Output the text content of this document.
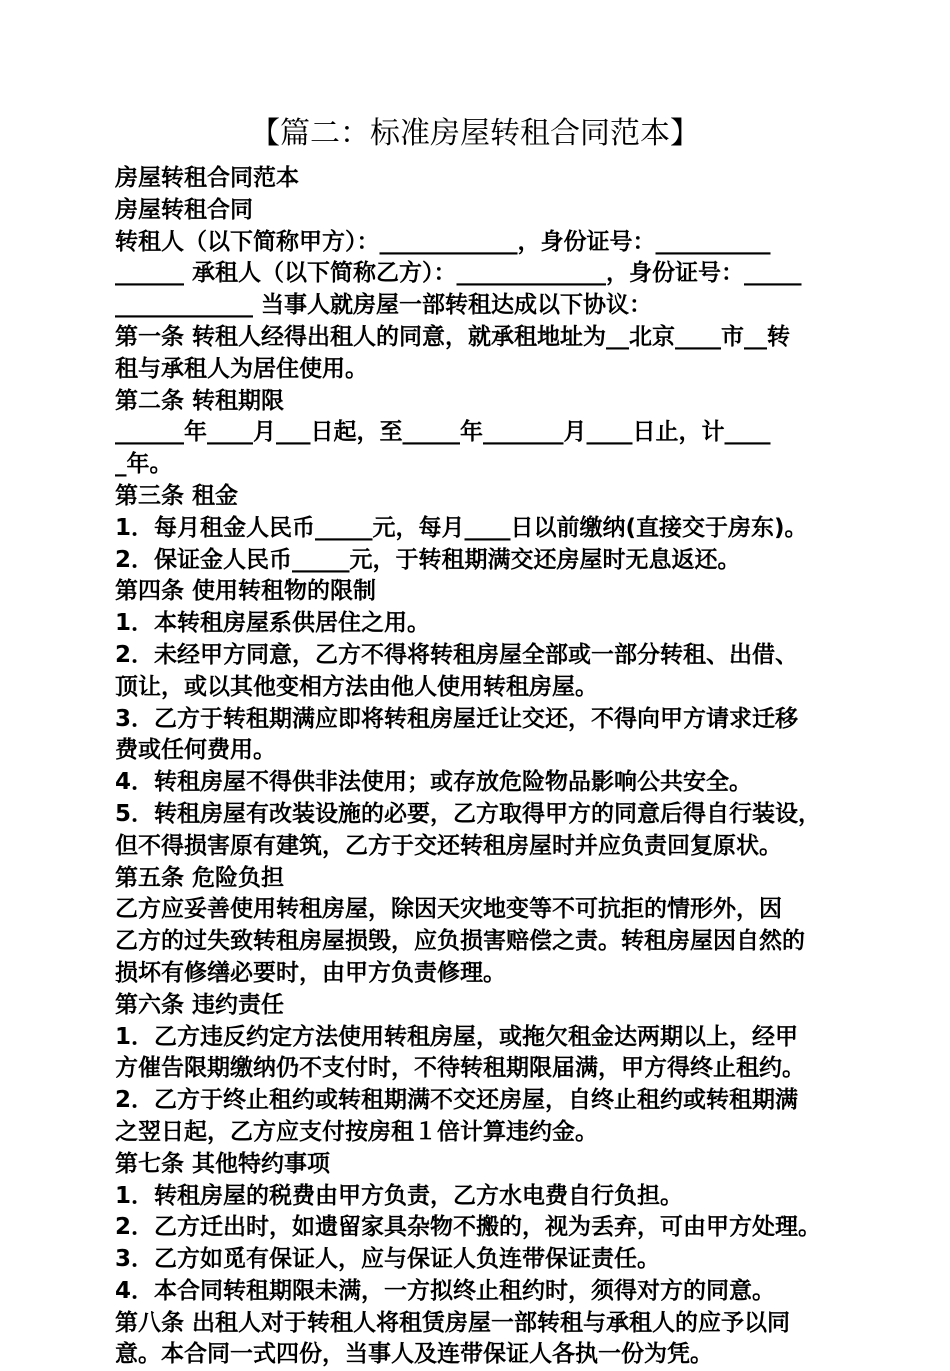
【篇二：标准房屋转租合同范本】
房屋转租合同范本
房屋转租合同
转租人（以下简称甲方）：____________，身份证号：__________
______ 承租人（以下简称乙方）：_____________，身份证号：_____
____________ 当事人就房屋一部转租达成以下协议：
第一条 转租人经得出租人的同意，就承租地址为__北京____市__转
租与承租人为居住使用。
第二条 转租期限
______年____月___日起，至_____年_______月____日止，计____
_年。
第三条 租金
1．每月租金人民币_____元，每月____日以前缴纳(直接交于房东)。
2．保证金人民币_____元，于转租期满交还房屋时无息返还。
第四条 使用转租物的限制
1．本转租房屋系供居住之用。
2．未经甲方同意，乙方不得将转租房屋全部或一部分转租、出借、
顶让，或以其他变相方法由他人使用转租房屋。
3．乙方于转租期满应即将转租房屋迁让交还，不得向甲方请求迁移
费或任何费用。
4．转租房屋不得供非法使用；或存放危险物品影响公共安全。
5．转租房屋有改装设施的必要，乙方取得甲方的同意后得自行装设，
但不得损害原有建筑，乙方于交还转租房屋时并应负责回复原状。
第五条 危险负担
乙方应妥善使用转租房屋，除因天灾地变等不可抗拒的情形外，因
乙方的过失致转租房屋损毁，应负损害赔偿之责。转租房屋因自然的
损坏有修缮必要时，由甲方负责修理。
第六条 违约责任
1．乙方违反约定方法使用转租房屋，或拖欠租金达两期以上，经甲
方催告限期缴纳仍不支付时，不待转租期限届满，甲方得终止租约。
2．乙方于终止租约或转租期满不交还房屋，自终止租约或转租期满
之翌日起，乙方应支付按房租１倍计算违约金。
第七条 其他特约事项
1．转租房屋的税费由甲方负责，乙方水电费自行负担。
2．乙方迁出时，如遗留家具杂物不搬的，视为丢弃，可由甲方处理。
3．乙方如觅有保证人，应与保证人负连带保证责任。
4．本合同转租期限未满，一方拟终止租约时，须得对方的同意。
第八条 出租人对于转租人将租赁房屋一部转租与承租人的应予以同
意。本合同一式四份，当事人及连带保证人各执一份为凭。
